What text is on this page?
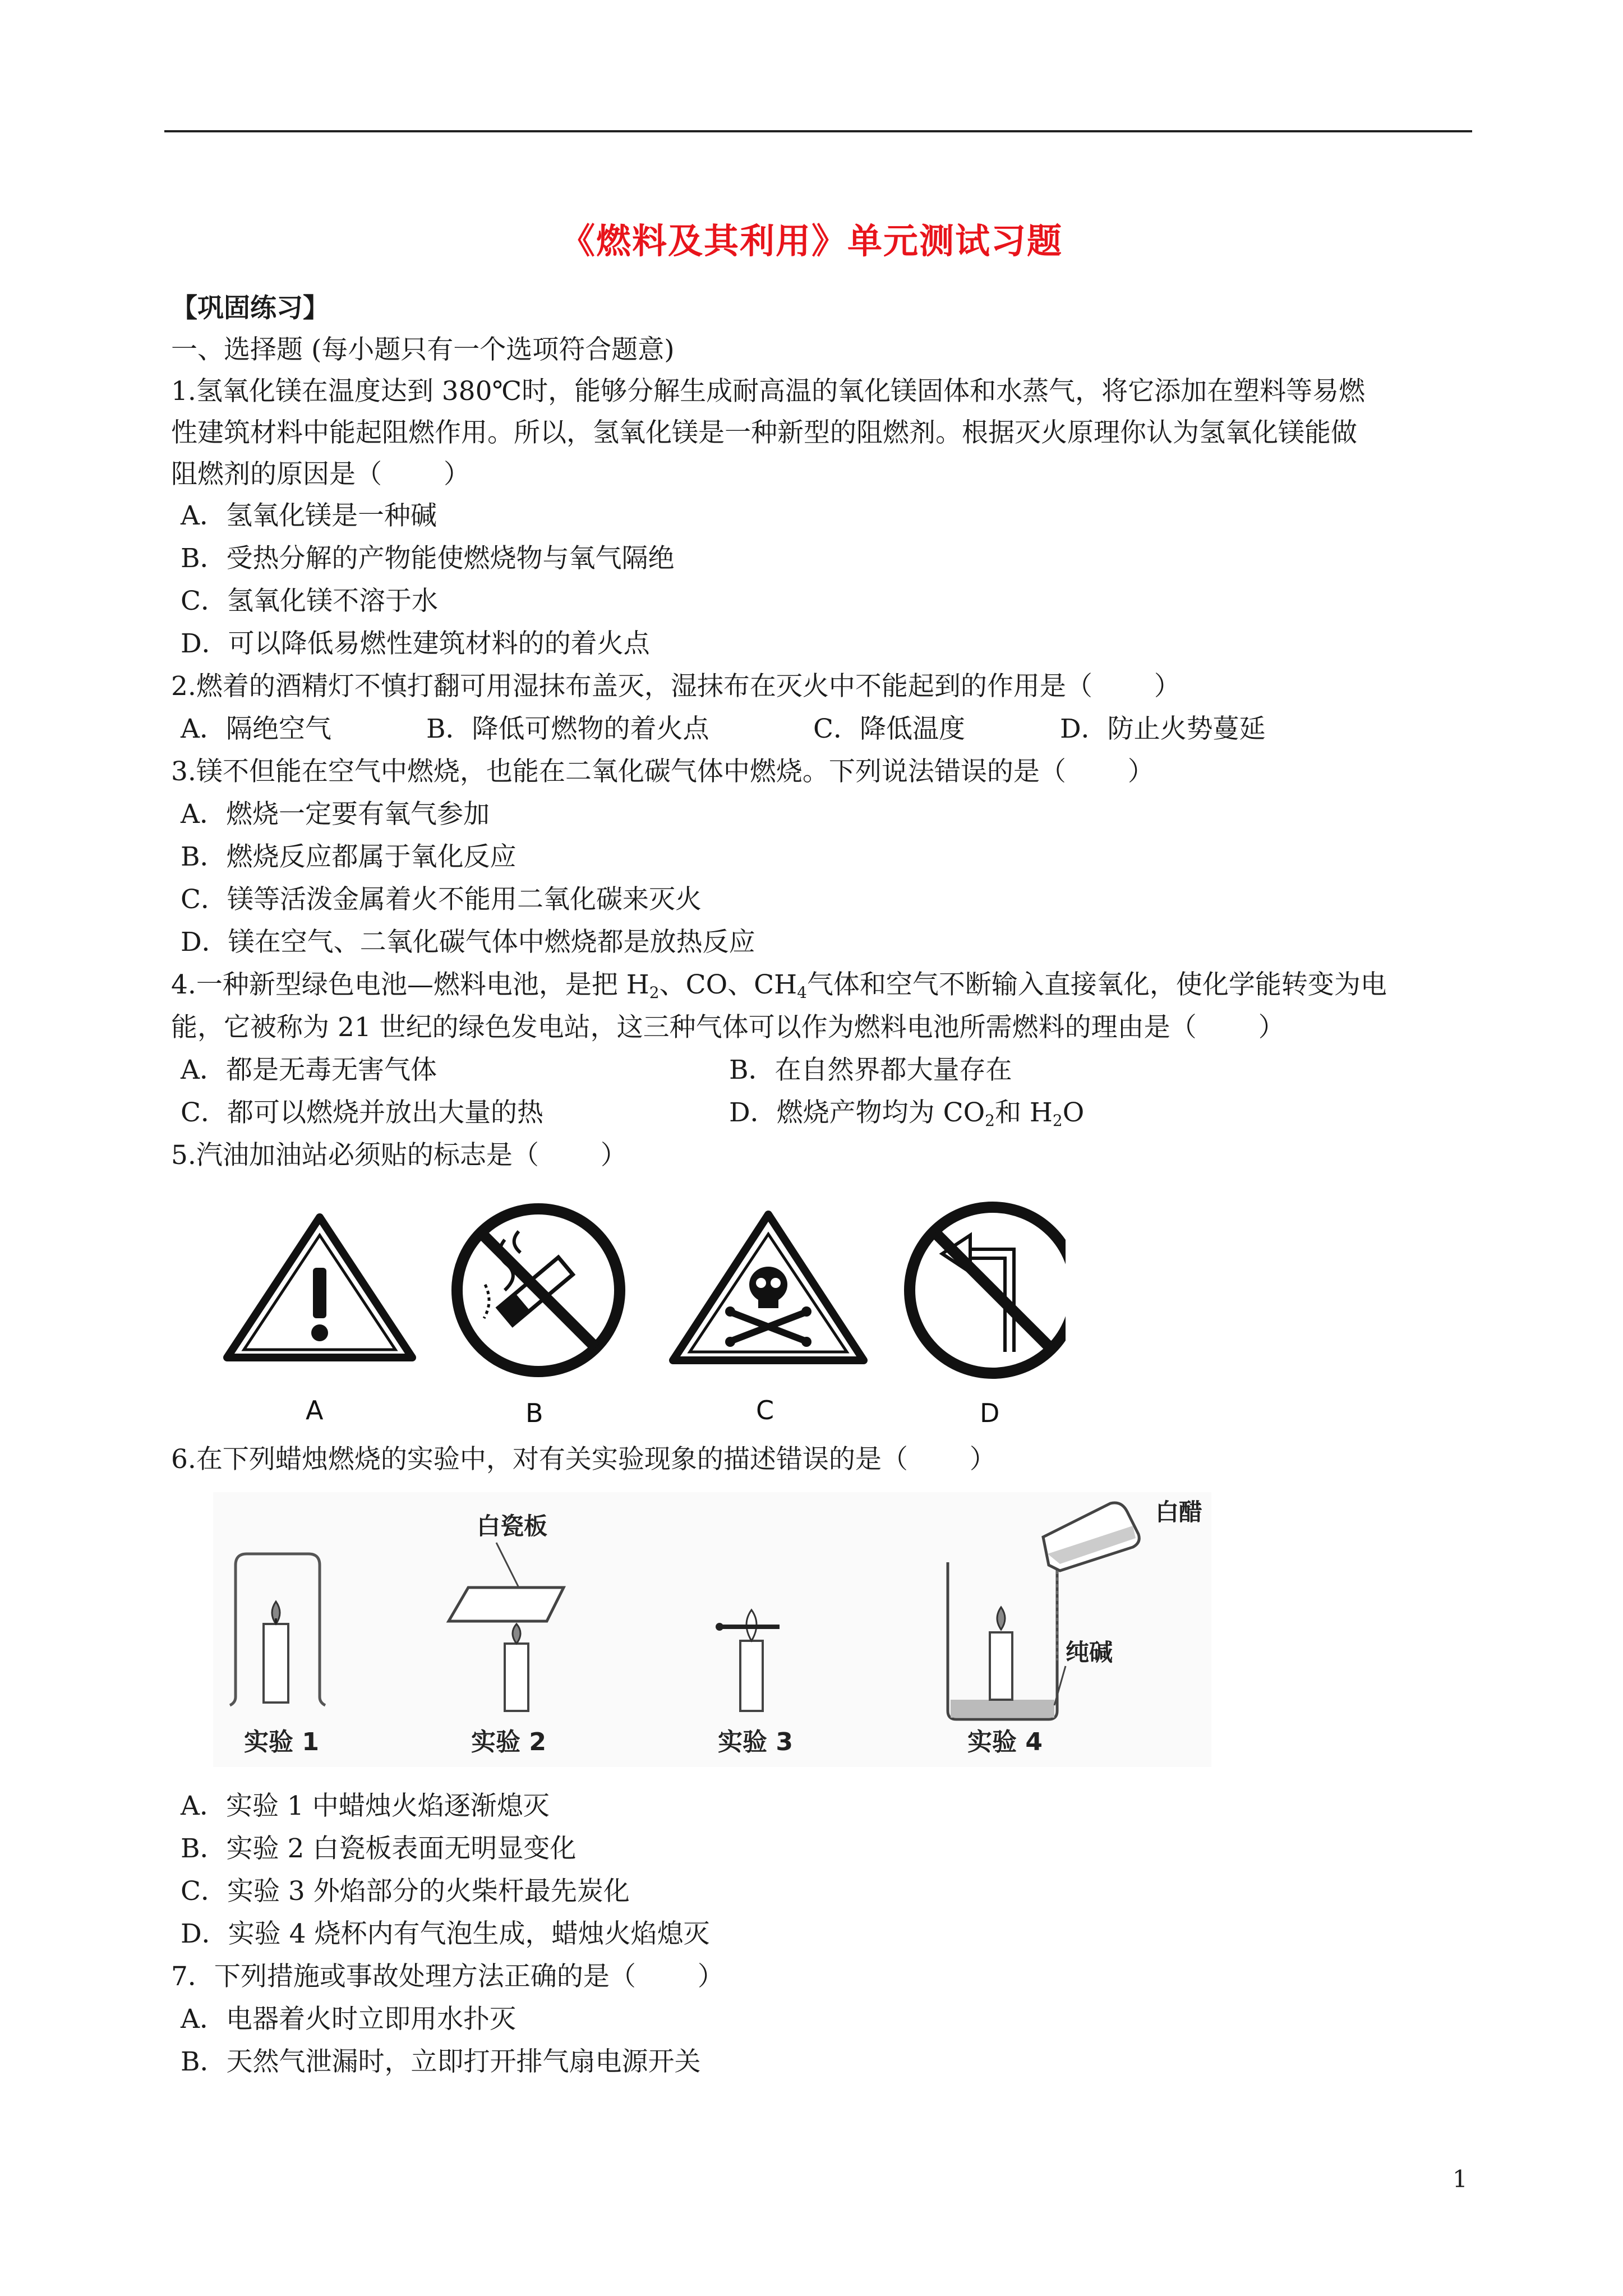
《燃料及其利用》单元测试习题
【巩固练习】
一、选择题 (每小题只有一个选项符合题意)
1.氢氧化镁在温度达到 380℃时，能够分解生成耐高温的氧化镁固体和水蒸气，将它添加在塑料等易燃
性建筑材料中能起阻燃作用。所以，氢氧化镁是一种新型的阻燃剂。根据灭火原理你认为氢氧化镁能做
阻燃剂的原因是（ ）
A．氢氧化镁是一种碱
B．受热分解的产物能使燃烧物与氧气隔绝
C．氢氧化镁不溶于水
D．可以降低易燃性建筑材料的的着火点
2.燃着的酒精灯不慎打翻可用湿抹布盖灭，湿抹布在灭火中不能起到的作用是（ ）
A．隔绝空气	B．降低可燃物的着火点	C．降低温度	D．防止火势蔓延
3.镁不但能在空气中燃烧，也能在二氧化碳气体中燃烧。下列说法错误的是（ ）
A．燃烧一定要有氧气参加
B．燃烧反应都属于氧化反应
C．镁等活泼金属着火不能用二氧化碳来灭火
D．镁在空气、二氧化碳气体中燃烧都是放热反应
4.一种新型绿色电池—燃料电池，是把 $H_2$、CO、$CH_4$气体和空气不断输入直接氧化，使化学能转变为电
能，它被称为 21 世纪的绿色发电站，这三种气体可以作为燃料电池所需燃料的理由是（ ）
A．都是无毒无害气体	B．在自然界都大量存在
C．都可以燃烧并放出大量的热	D．燃烧产物均为 $CO_2$和 $H_2O$
5.汽油加油站必须贴的标志是（ ）
A	B	C	D
6.在下列蜡烛燃烧的实验中，对有关实验现象的描述错误的是（ ）
实验 1
白瓷板
实验 2	实验 3
白醋
纯碱
实验 4
A．实验 1 中蜡烛火焰逐渐熄灭
B．实验 2 白瓷板表面无明显变化
C．实验 3 外焰部分的火柴杆最先炭化
D．实验 4 烧杯内有气泡生成，蜡烛火焰熄灭
7．下列措施或事故处理方法正确的是（ ）
A．电器着火时立即用水扑灭
B．天然气泄漏时，立即打开排气扇电源开关
1
